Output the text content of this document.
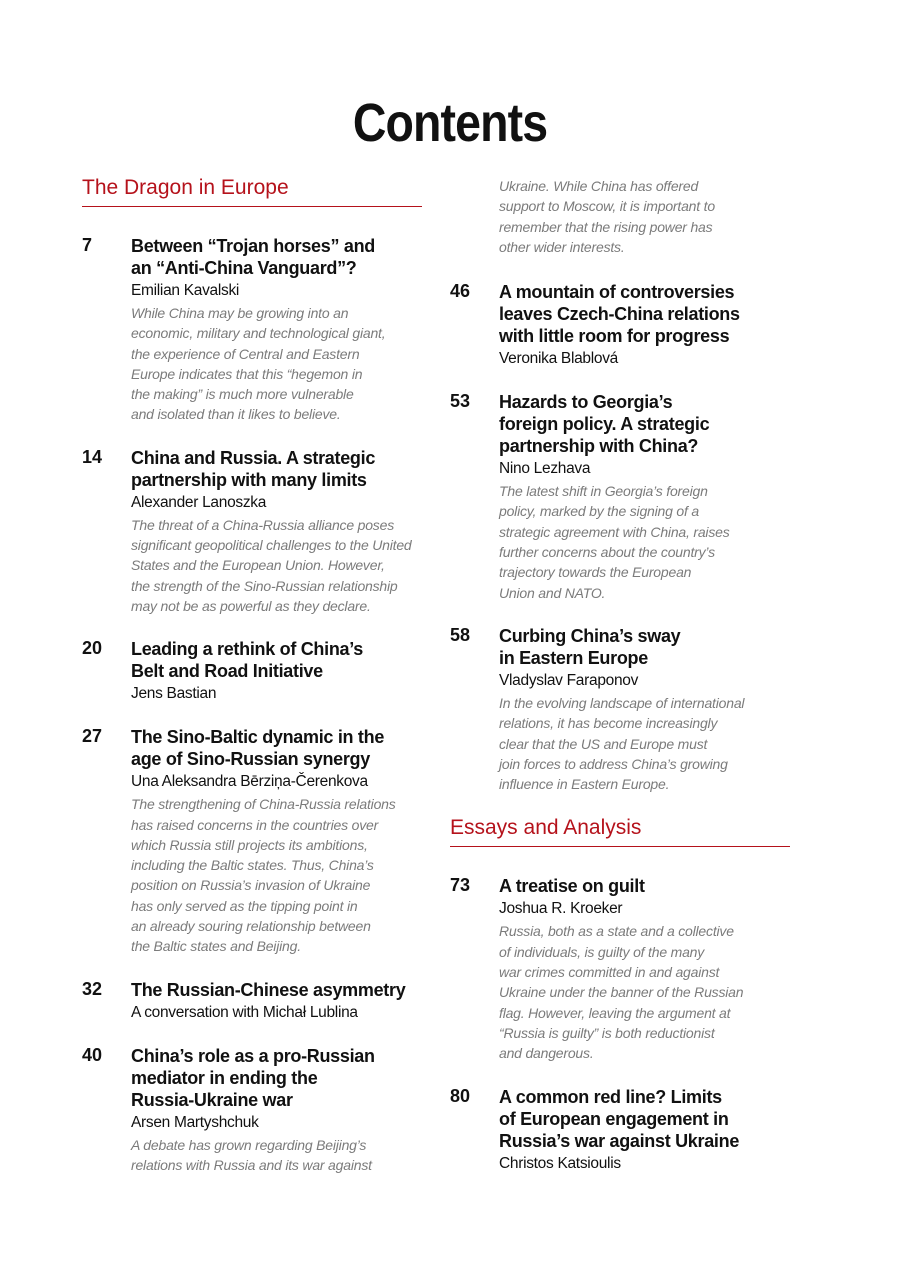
Contents
The Dragon in Europe
7 Between “Trojan horses” and
an “Anti-China Vanguard”?
Emilian Kavalski
While China may be growing into an
economic, military and technological giant,
the experience of Central and Eastern
Europe indicates that this “hegemon in
the making” is much more vulnerable
and isolated than it likes to believe.
14 China and Russia. A strategic
partnership with many limits
Alexander Lanoszka
The threat of a China-Russia alliance poses
significant geopolitical challenges to the United
States and the European Union. However,
the strength of the Sino-Russian relationship
may not be as powerful as they declare.
20 Leading a rethink of China’s
Belt and Road Initiative
Jens Bastian
27 The Sino-Baltic dynamic in the
age of Sino-Russian synergy
Una Aleksandra Bērziņa-Čerenkova
The strengthening of China-Russia relations
has raised concerns in the countries over
which Russia still projects its ambitions,
including the Baltic states. Thus, China’s
position on Russia’s invasion of Ukraine
has only served as the tipping point in
an already souring relationship between
the Baltic states and Beijing.
32 The Russian-Chinese asymmetry
A conversation with Michał Lublina
40 China’s role as a pro-Russian
mediator in ending the
Russia-Ukraine war
Arsen Martyshchuk
A debate has grown regarding Beijing’s
relations with Russia and its war against
Ukraine. While China has offered
support to Moscow, it is important to
remember that the rising power has
other wider interests.
46 A mountain of controversies
leaves Czech-China relations
with little room for progress
Veronika Blablová
53 Hazards to Georgia’s
foreign policy. A strategic
partnership with China?
Nino Lezhava
The latest shift in Georgia’s foreign
policy, marked by the signing of a
strategic agreement with China, raises
further concerns about the country’s
trajectory towards the European
Union and NATO.
58 Curbing China’s sway
in Eastern Europe
Vladyslav Faraponov
In the evolving landscape of international
relations, it has become increasingly
clear that the US and Europe must
join forces to address China’s growing
influence in Eastern Europe.
Essays and Analysis
73 A treatise on guilt
Joshua R. Kroeker
Russia, both as a state and a collective
of individuals, is guilty of the many
war crimes committed in and against
Ukraine under the banner of the Russian
flag. However, leaving the argument at
“Russia is guilty” is both reductionist
and dangerous.
80 A common red line? Limits
of European engagement in
Russia’s war against Ukraine
Christos Katsioulis
